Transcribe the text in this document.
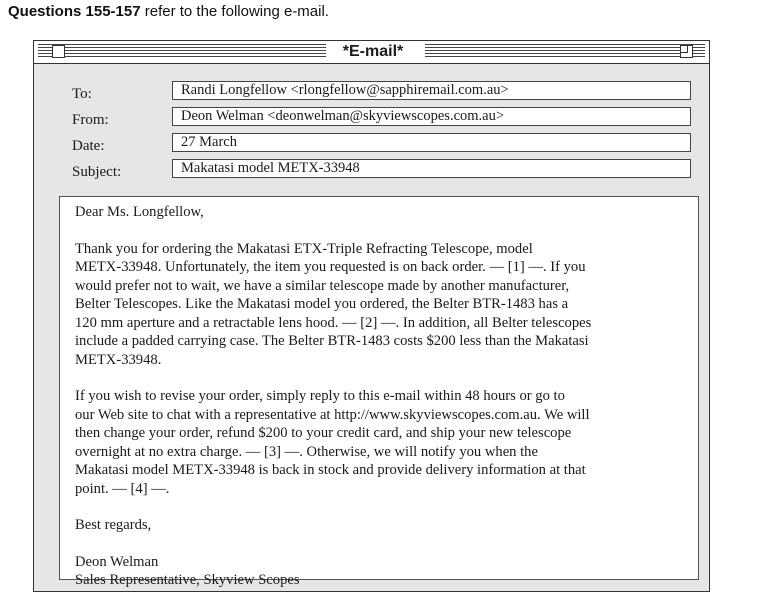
Questions 155-157 refer to the following e-mail.
*E-mail*
To:	Randi Longfellow <rlongfellow@sapphiremail.com.au>
From:	Deon Welman <deonwelman@skyviewscopes.com.au>
Date:	27 March
Subject:	Makatasi model METX-33948

Dear Ms. Longfellow,

Thank you for ordering the Makatasi ETX-Triple Refracting Telescope, model
METX-33948. Unfortunately, the item you requested is on back order. — [1] —. If you
would prefer not to wait, we have a similar telescope made by another manufacturer,
Belter Telescopes. Like the Makatasi model you ordered, the Belter BTR-1483 has a
120 mm aperture and a retractable lens hood. — [2] —. In addition, all Belter telescopes
include a padded carrying case. The Belter BTR-1483 costs $200 less than the Makatasi
METX-33948.

If you wish to revise your order, simply reply to this e-mail within 48 hours or go to
our Web site to chat with a representative at http://www.skyviewscopes.com.au. We will
then change your order, refund $200 to your credit card, and ship your new telescope
overnight at no extra charge. — [3] —. Otherwise, we will notify you when the
Makatasi model METX-33948 is back in stock and provide delivery information at that
point. — [4] —.

Best regards,

Deon Welman
Sales Representative, Skyview Scopes
